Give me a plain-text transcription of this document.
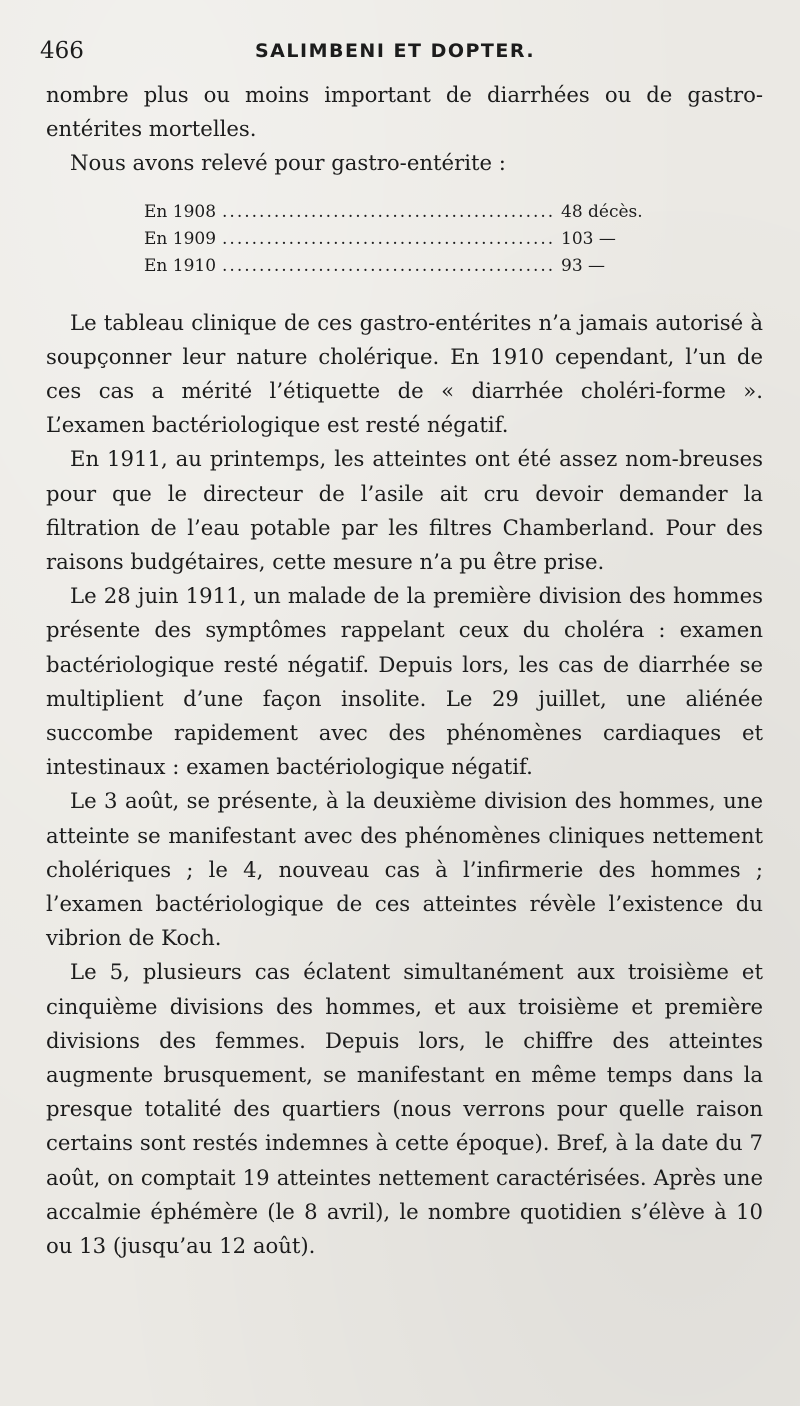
466	SALIMBENI ET DOPTER.

nombre plus ou moins important de diarrhées ou de gastro-entérites mortelles.

Nous avons relevé pour gastro-entérite :

En 1908 .....	48 décès.
En 1909 .....	103 —
En 1910 .....	93 —

Le tableau clinique de ces gastro-entérites n’a jamais autorisé à soupçonner leur nature cholérique. En 1910 cependant, l’un de ces cas a mérité l’étiquette de « diarrhée choléri-forme ». L’examen bactériologique est resté négatif.

En 1911, au printemps, les atteintes ont été assez nom-breuses pour que le directeur de l’asile ait cru devoir demander la filtration de l’eau potable par les filtres Chamberland. Pour des raisons budgétaires, cette mesure n’a pu être prise.

Le 28 juin 1911, un malade de la première division des hommes présente des symptômes rappelant ceux du choléra : examen bactériologique resté négatif. Depuis lors, les cas de diarrhée se multiplient d’une façon insolite. Le 29 juillet, une aliénée succombe rapidement avec des phénomènes cardiaques et intestinaux : examen bactériologique négatif.

Le 3 août, se présente, à la deuxième division des hommes, une atteinte se manifestant avec des phénomènes cliniques nettement cholériques ; le 4, nouveau cas à l’infirmerie des hommes ; l’examen bactériologique de ces atteintes révèle l’existence du vibrion de Koch.

Le 5, plusieurs cas éclatent simultanément aux troisième et cinquième divisions des hommes, et aux troisième et première divisions des femmes. Depuis lors, le chiffre des atteintes augmente brusquement, se manifestant en même temps dans la presque totalité des quartiers (nous verrons pour quelle raison certains sont restés indemnes à cette époque). Bref, à la date du 7 août, on comptait 19 atteintes nettement caractérisées. Après une accalmie éphémère (le 8 avril), le nombre quotidien s’élève à 10 ou 13 (jusqu’au 12 août).
